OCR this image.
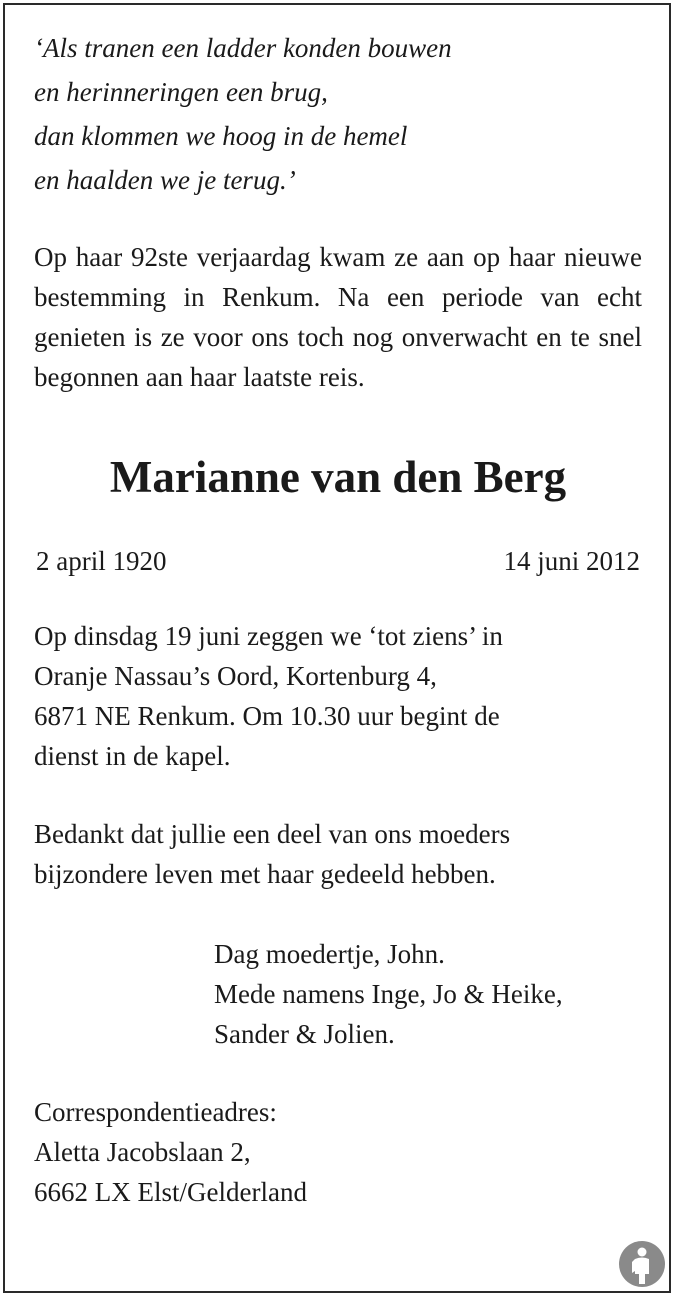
‘Als tranen een ladder konden bouwen
en herinneringen een brug,
dan klommen we hoog in de hemel
en haalden we je terug.’

Op haar 92ste verjaardag kwam ze aan op haar nieuwe bestemming in Renkum. Na een periode van echt genieten is ze voor ons toch nog onverwacht en te snel begonnen aan haar laatste reis.

Marianne van den Berg
2 april 1920	14 juni 2012
Op dinsdag 19 juni zeggen we ‘tot ziens’ in
Oranje Nassau’s Oord, Kortenburg 4,
6871 NE Renkum. Om 10.30 uur begint de
dienst in de kapel.
Bedankt dat jullie een deel van ons moeders
bijzondere leven met haar gedeeld hebben.
Dag moedertje, John.
Mede namens Inge, Jo & Heike,
Sander & Jolien.
Correspondentieadres:
Aletta Jacobslaan 2,
6662 LX Elst/Gelderland
